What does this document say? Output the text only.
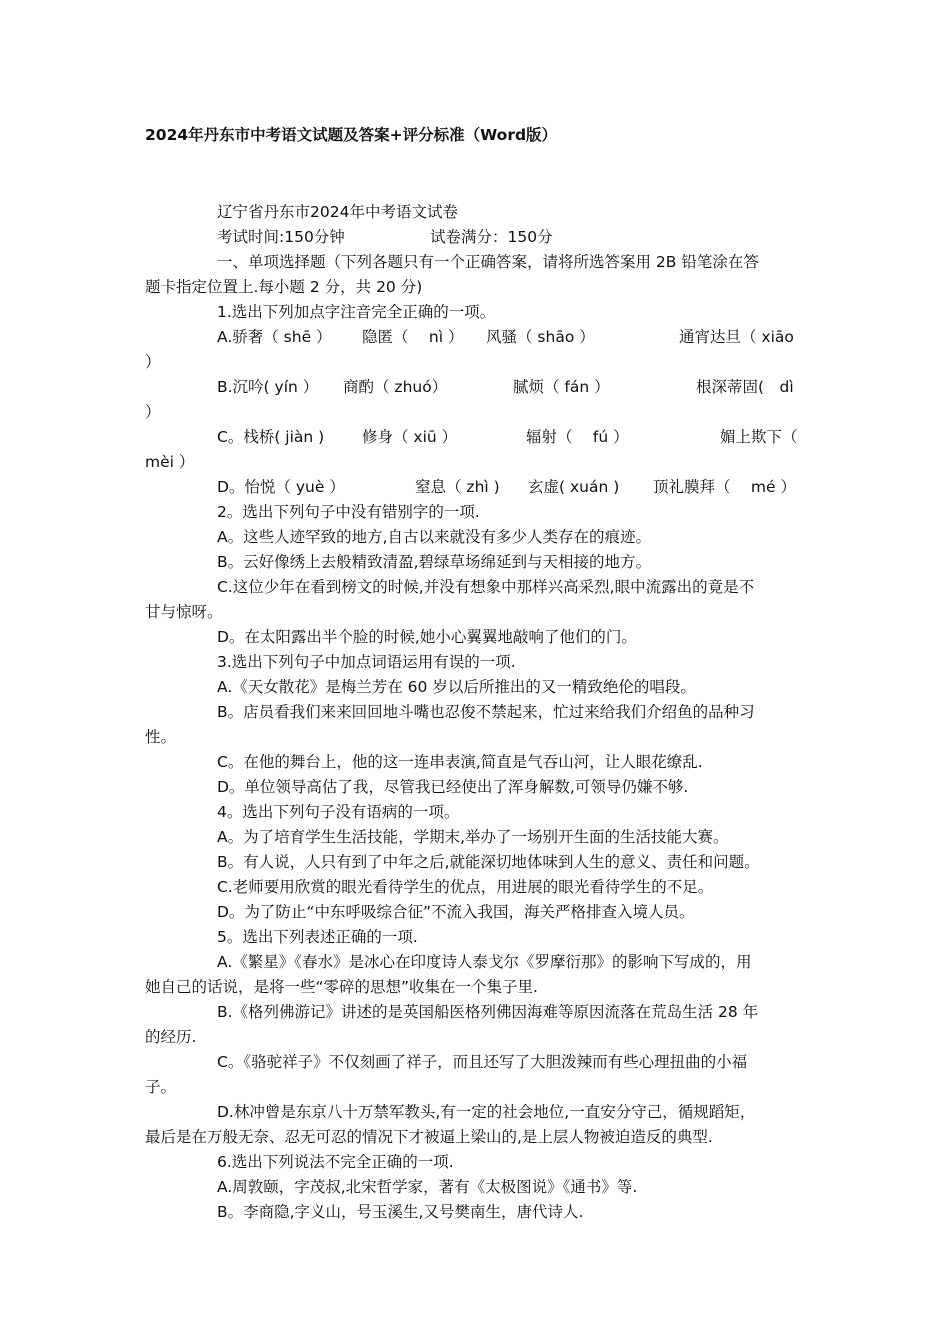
2024年丹东市中考语文试题及答案+评分标准（Word版）
辽宁省丹东市2024年中考语文试卷
考试时间:150分钟	试卷满分：150分
一、单项选择题（下列各题只有一个正确答案，请将所选答案用 2B 铅笔涂在答
题卡指定位置上.每小题 2 分，共 20 分)
1.选出下列加点字注音完全正确的一项。
A.骄奢（ shē ） 隐匿（　 nì ） 风骚（ shāo ）	通宵达旦（ xiāo
）
B.沉吟( yín ） 商酌（ zhuó）	腻烦（ fán ）	根深蒂固(　dì
）
C。栈桥( jiàn ) 修身（ xiū ）	辐射（　 fú ）	媚上欺下（
mèi ）
D。怡悦（ yuè ）	窒息（ zhì ) 玄虚( xuán ) 顶礼膜拜（　 mé ）
2。选出下列句子中没有错别字的一项.
A。这些人迹罕致的地方,自古以来就没有多少人类存在的痕迹。
B。云好像绣上去般精致清盈,碧绿草场绵延到与天相接的地方。
C.这位少年在看到榜文的时候,并没有想象中那样兴高采烈,眼中流露出的竟是不
甘与惊呀。
D。在太阳露出半个脸的时候,她小心翼翼地敲响了他们的门。
3.选出下列句子中加点词语运用有误的一项.
A.《天女散花》是梅兰芳在 60 岁以后所推出的又一精致绝伦的唱段。
B。店员看我们来来回回地斗嘴也忍俊不禁起来，忙过来给我们介绍鱼的品种习
性。
C。在他的舞台上，他的这一连串表演,简直是气吞山河，让人眼花缭乱.
D。单位领导高估了我，尽管我已经使出了浑身解数,可领导仍嫌不够.
4。选出下列句子没有语病的一项。
A。为了培育学生生活技能，学期末,举办了一场别开生面的生活技能大赛。
B。有人说，人只有到了中年之后,就能深切地体味到人生的意义、责任和问题。
C.老师要用欣赏的眼光看待学生的优点，用进展的眼光看待学生的不足。
D。为了防止“中东呼吸综合征”不流入我国，海关严格排查入境人员。
5。选出下列表述正确的一项.
A.《繁星》《春水》是冰心在印度诗人泰戈尔《罗摩衍那》的影响下写成的，用
她自己的话说，是将一些“零碎的思想”收集在一个集子里.
B.《格列佛游记》讲述的是英国船医格列佛因海难等原因流落在荒岛生活 28 年
的经历.
C。《骆驼祥子》不仅刻画了祥子，而且还写了大胆泼辣而有些心理扭曲的小福
子。
D.林冲曾是东京八十万禁军教头,有一定的社会地位,一直安分守己，循规蹈矩，
最后是在万般无奈、忍无可忍的情况下才被逼上梁山的,是上层人物被迫造反的典型.
6.选出下列说法不完全正确的一项.
A.周敦颐，字茂叔,北宋哲学家，著有《太极图说》《通书》等.
B。李商隐,字义山，号玉溪生,又号樊南生，唐代诗人.
